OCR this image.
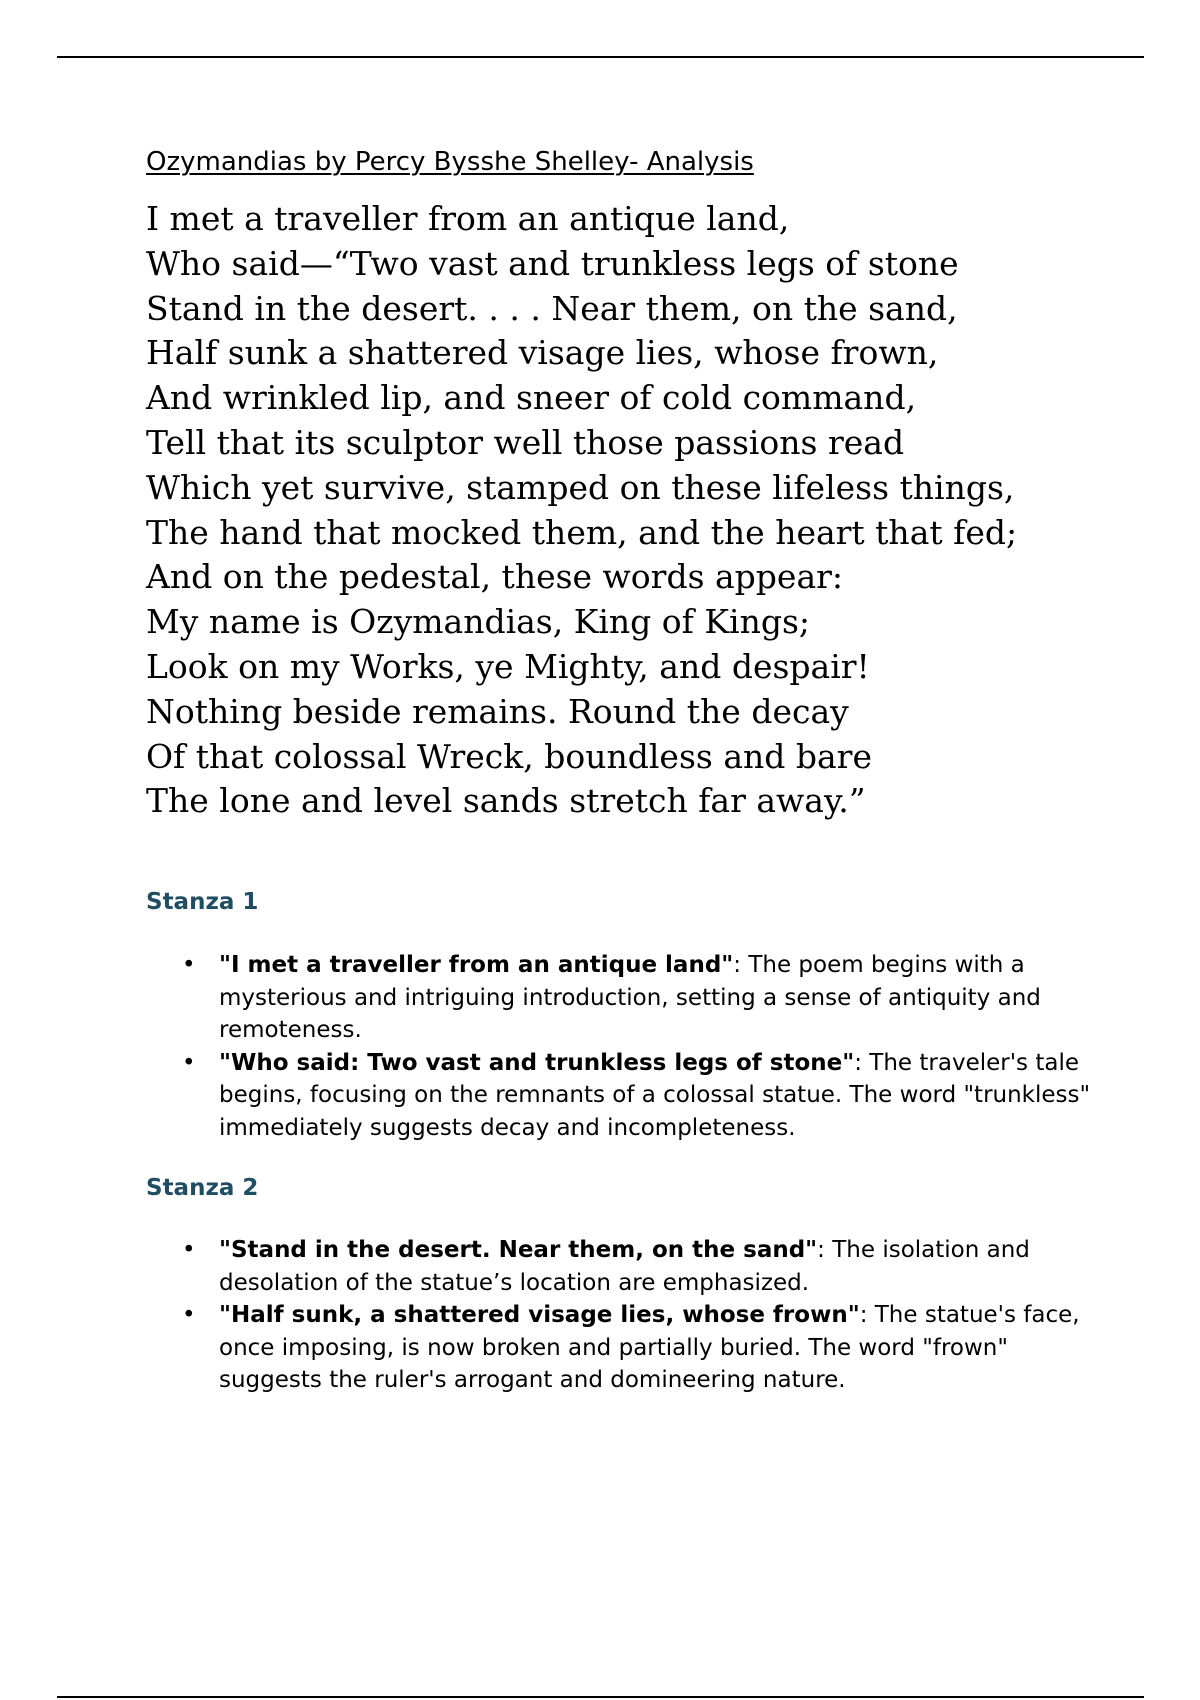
Ozymandias by Percy Bysshe Shelley- Analysis
I met a traveller from an antique land,
Who said—“Two vast and trunkless legs of stone
Stand in the desert. . . . Near them, on the sand,
Half sunk a shattered visage lies, whose frown,
And wrinkled lip, and sneer of cold command,
Tell that its sculptor well those passions read
Which yet survive, stamped on these lifeless things,
The hand that mocked them, and the heart that fed;
And on the pedestal, these words appear:
My name is Ozymandias, King of Kings;
Look on my Works, ye Mighty, and despair!
Nothing beside remains. Round the decay
Of that colossal Wreck, boundless and bare
The lone and level sands stretch far away.”
Stanza 1
• "I met a traveller from an antique land": The poem begins with a mysterious and intriguing introduction, setting a sense of antiquity and remoteness.
• "Who said: Two vast and trunkless legs of stone": The traveler's tale begins, focusing on the remnants of a colossal statue. The word "trunkless" immediately suggests decay and incompleteness.
Stanza 2
• "Stand in the desert. Near them, on the sand": The isolation and desolation of the statue’s location are emphasized.
• "Half sunk, a shattered visage lies, whose frown": The statue's face, once imposing, is now broken and partially buried. The word "frown" suggests the ruler's arrogant and domineering nature.
